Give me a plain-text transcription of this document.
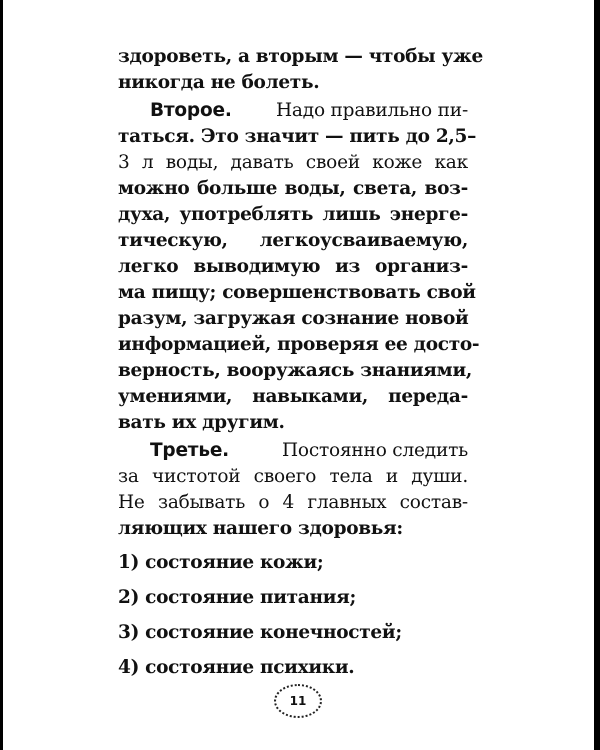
здороветь, а вторым — чтобы уже
никогда не болеть.
Второе. Надо правильно пи-
таться. Это значит — пить до 2,5–
3 л воды, давать своей коже как
можно больше воды, света, воз-
духа, употреблять лишь энерге-
тическую, легкоусваиваемую,
легко выводимую из организ-
ма пищу; совершенствовать свой
разум, загружая сознание новой
информацией, проверяя ее досто-
верность, вооружаясь знаниями,
умениями, навыками, переда-
вать их другим.
Третье.	Постоянно следить
за чистотой своего тела и души.
Не забывать о 4 главных состав-
ляющих нашего здоровья:
1) состояние кожи;
2) состояние питания;
3) состояние конечностей;
4) состояние психики.
11
